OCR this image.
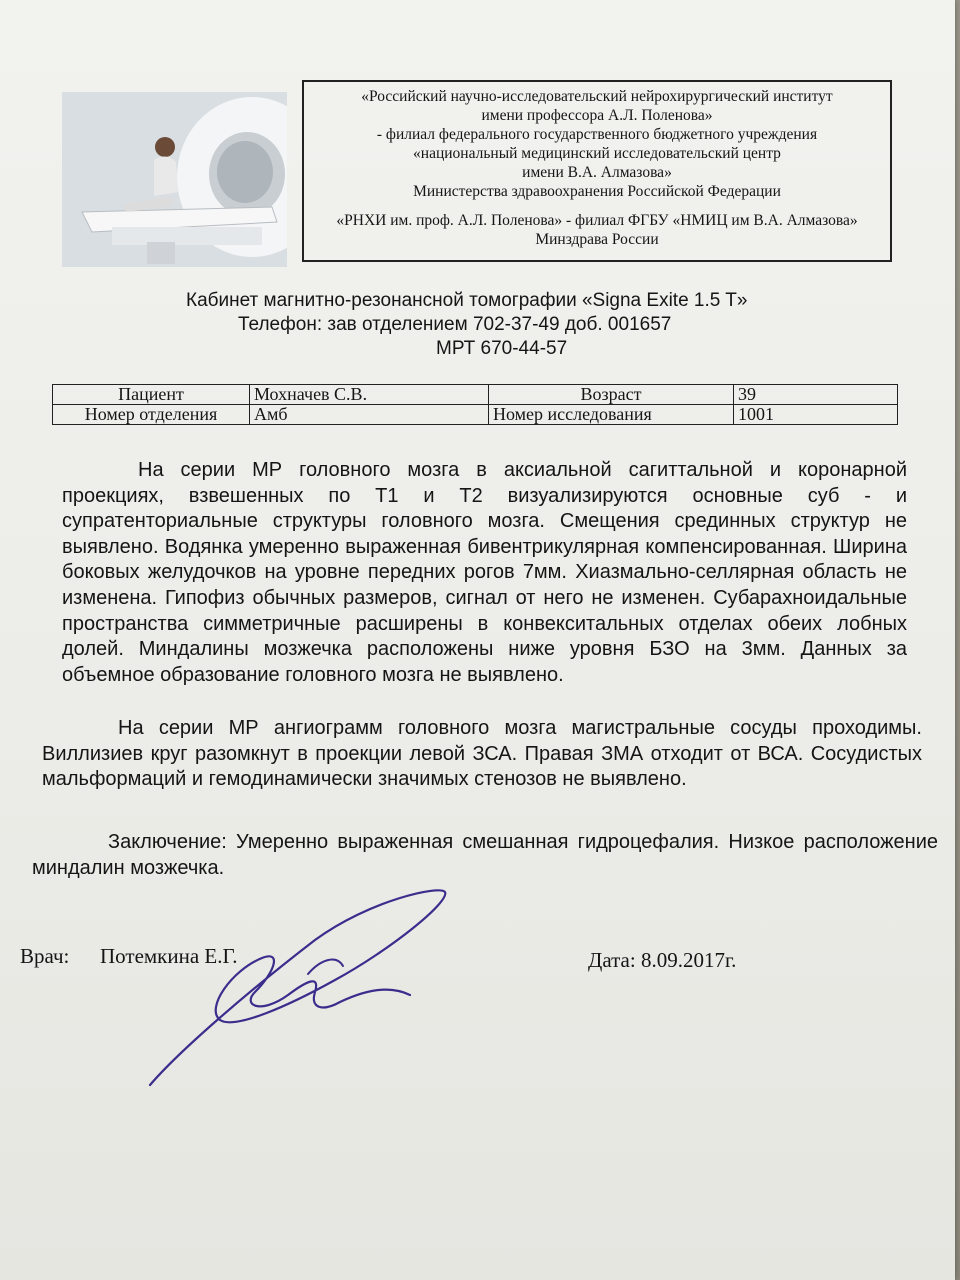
«Российский научно-исследовательский нейрохирургический институт
имени профессора А.Л. Поленова»
- филиал федерального государственного бюджетного учреждения
«национальный медицинский исследовательский центр
имени В.А. Алмазова»
Министерства здравоохранения Российской Федерации
«РНХИ им. проф. А.Л. Поленова» - филиал ФГБУ «НМИЦ им В.А. Алмазова»
Минздрава России
Кабинет магнитно-резонансной томографии «Signa Exite 1.5 T»
Телефон: зав отделением 702-37-49 доб. 001657
МРТ 670-44-57
Пациент	Мохначев С.В.	Возраст	39
Номер отделения	Амб	Номер исследования	1001
На серии МР головного мозга в аксиальной сагиттальной и коронарной проекциях, взвешенных по Т1 и Т2 визуализируются основные суб - и супратенториальные структуры головного мозга. Смещения срединных структур не выявлено. Водянка умеренно выраженная бивентрикулярная компенсированная. Ширина боковых желудочков на уровне передних рогов 7мм. Хиазмально-селлярная область не изменена. Гипофиз обычных размеров, сигнал от него не изменен. Субарахноидальные пространства симметричные расширены в конвекситальных отделах обеих лобных долей. Миндалины мозжечка расположены ниже уровня БЗО на 3мм. Данных за объемное образование головного мозга не выявлено.
На серии МР ангиограмм головного мозга магистральные сосуды проходимы. Виллизиев круг разомкнут в проекции левой ЗСА. Правая ЗМА отходит от ВСА. Сосудистых мальформаций и гемодинамически значимых стенозов не выявлено.
Заключение: Умеренно выраженная смешанная гидроцефалия. Низкое расположение миндалин мозжечка.
Врач: Потемкина Е.Г.	Дата: 8.09.2017г.
